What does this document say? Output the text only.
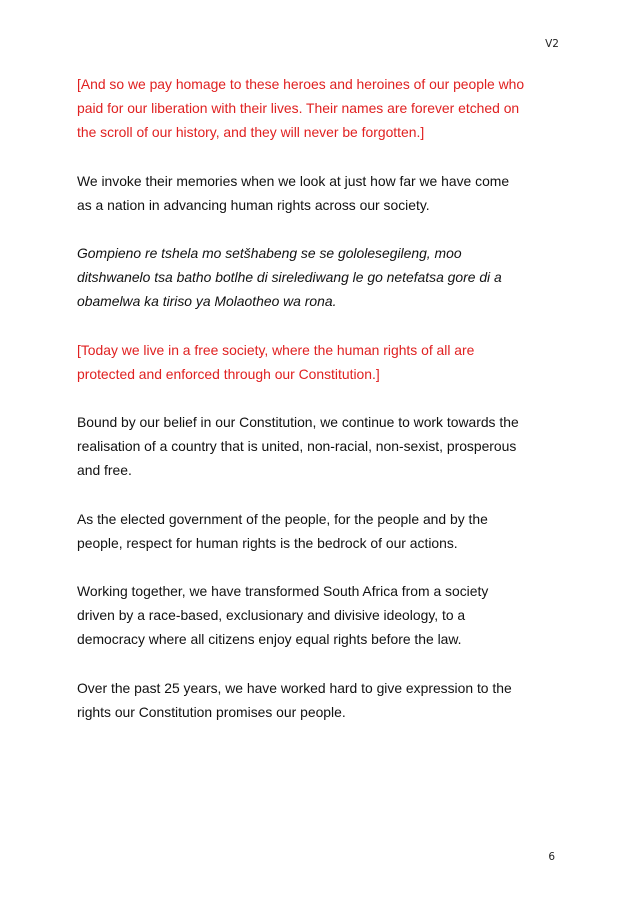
V2

[And so we pay homage to these heroes and heroines of our people who
paid for our liberation with their lives. Their names are forever etched on
the scroll of our history, and they will never be forgotten.]

We invoke their memories when we look at just how far we have come
as a nation in advancing human rights across our society.

Gompieno re tshela mo setšhabeng se se gololesegileng, moo
ditshwanelo tsa batho botlhe di sirelediwang le go netefatsa gore di a
obamelwa ka tiriso ya Molaotheo wa rona.

[Today we live in a free society, where the human rights of all are
protected and enforced through our Constitution.]

Bound by our belief in our Constitution, we continue to work towards the
realisation of a country that is united, non-racial, non-sexist, prosperous
and free.

As the elected government of the people, for the people and by the
people, respect for human rights is the bedrock of our actions.

Working together, we have transformed South Africa from a society
driven by a race-based, exclusionary and divisive ideology, to a
democracy where all citizens enjoy equal rights before the law.

Over the past 25 years, we have worked hard to give expression to the
rights our Constitution promises our people.

6
